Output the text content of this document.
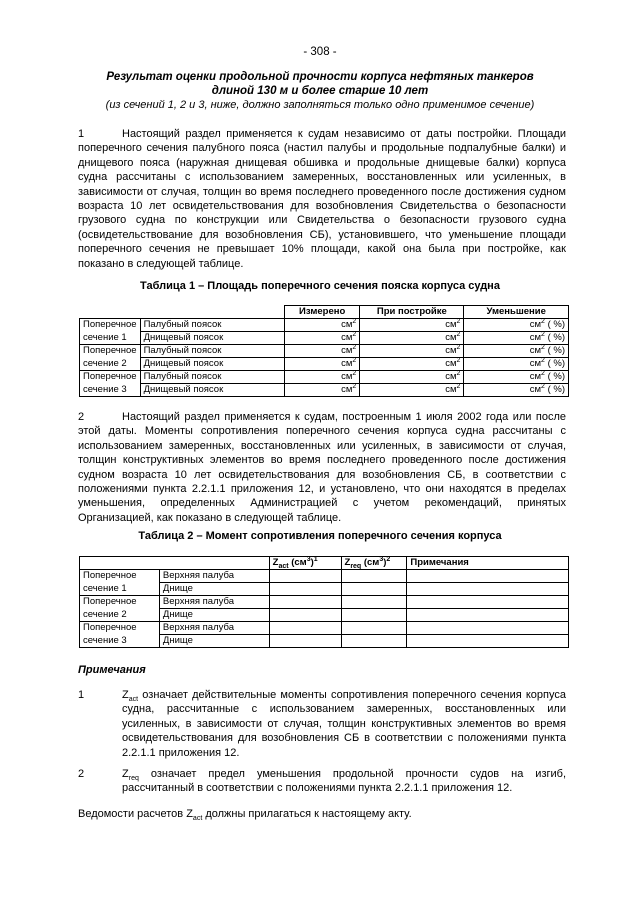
- 308 -
Результат оценки продольной прочности корпуса нефтяных танкеров
длиной 130 м и более старше 10 лет
(из сечений 1, 2 и 3, ниже, должно заполняться только одно применимое сечение)
1	Настоящий раздел применяется к судам независимо от даты постройки. Площади поперечного сечения палубного пояса (настил палубы и продольные подпалубные балки) и днищевого пояса (наружная днищевая обшивка и продольные днищевые балки) корпуса судна рассчитаны с использованием замеренных, восстановленных или усиленных, в зависимости от случая, толщин во время последнего проведенного после достижения судном возраста 10 лет освидетельствования для возобновления Свидетельства о безопасности грузового судна по конструкции или Свидетельства о безопасности грузового судна (освидетельствование для возобновления СБ), установившего, что уменьшение площади поперечного сечения не превышает 10% площади, какой она была при постройке, как показано в следующей таблице.
Таблица 1 – Площадь поперечного сечения пояска корпуса судна
		Измерено	При постройке	Уменьшение
Поперечное	Палубный поясок	$см^2$	$см^2$	$см^2$ ( %)
сечение 1	Днищевый поясок	$см^2$	$см^2$	$см^2$ ( %)
Поперечное	Палубный поясок	$см^2$	$см^2$	$см^2$ ( %)
сечение 2	Днищевый поясок	$см^2$	$см^2$	$см^2$ ( %)
Поперечное	Палубный поясок	$см^2$	$см^2$	$см^2$ ( %)
сечение 3	Днищевый поясок	$см^2$	$см^2$	$см^2$ ( %)
2	Настоящий раздел применяется к судам, построенным 1 июля 2002 года или после этой даты. Моменты сопротивления поперечного сечения корпуса судна рассчитаны с использованием замеренных, восстановленных или усиленных, в зависимости от случая, толщин конструктивных элементов во время последнего проведенного после достижения судном возраста 10 лет освидетельствования для возобновления СБ, в соответствии с положениями пункта 2.2.1.1 приложения 12, и установлено, что они находятся в пределах уменьшения, определенных Администрацией с учетом рекомендаций, принятых Организацией, как показано в следующей таблице.
Таблица 2 – Момент сопротивления поперечного сечения корпуса
		$Z_{act}$ $(см^3)^1$	$Z_{req}$ $(см^3)^2$	Примечания
Поперечное	Верхняя палуба			
сечение 1	Днище			
Поперечное	Верхняя палуба			
сечение 2	Днище			
Поперечное	Верхняя палуба			
сечение 3	Днище			
Примечания
1	$Z_{act}$ означает действительные моменты сопротивления поперечного сечения корпуса судна, рассчитанные с использованием замеренных, восстановленных или усиленных, в зависимости от случая, толщин конструктивных элементов во время освидетельствования для возобновления СБ в соответствии с положениями пункта 2.2.1.1 приложения 12.
2	$Z_{req}$ означает предел уменьшения продольной прочности судов на изгиб, рассчитанный в соответствии с положениями пункта 2.2.1.1 приложения 12.
Ведомости расчетов $Z_{act}$ должны прилагаться к настоящему акту.
